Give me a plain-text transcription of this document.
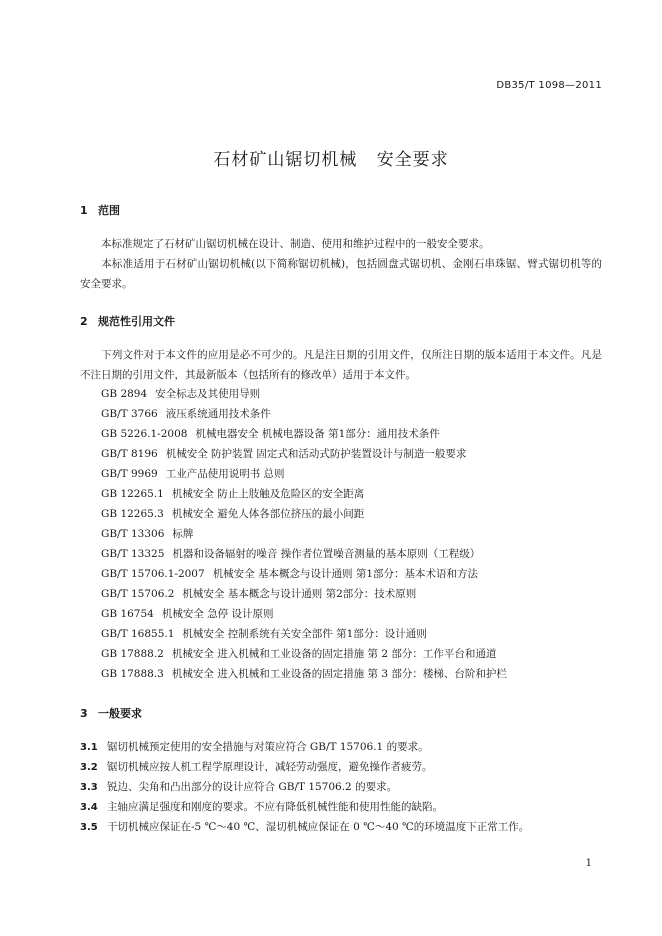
DB35/T 1098—2011
石材矿山锯切机械   安全要求
1 范围
本标准规定了石材矿山锯切机械在设计、制造、使用和维护过程中的一般安全要求。
本标准适用于石材矿山锯切机械(以下简称锯切机械)，包括圆盘式锯切机、金刚石串珠锯、臂式锯切机等的安全要求。
2 规范性引用文件
下列文件对于本文件的应用是必不可少的。凡是注日期的引用文件，仅所注日期的版本适用于本文件。凡是不注日期的引用文件，其最新版本（包括所有的修改单）适用于本文件。
GB 2894 安全标志及其使用导则
GB/T 3766 液压系统通用技术条件
GB 5226.1-2008 机械电器安全 机械电器设备 第1部分：通用技术条件
GB/T 8196 机械安全 防护装置 固定式和活动式防护装置设计与制造一般要求
GB/T 9969 工业产品使用说明书 总则
GB 12265.1 机械安全 防止上肢触及危险区的安全距离
GB 12265.3 机械安全 避免人体各部位挤压的最小间距
GB/T 13306 标牌
GB/T 13325 机器和设备辐射的噪音 操作者位置噪音测量的基本原则（工程级）
GB/T 15706.1-2007 机械安全 基本概念与设计通则 第1部分：基本术语和方法
GB/T 15706.2 机械安全 基本概念与设计通则 第2部分：技术原则
GB 16754 机械安全 急停 设计原则
GB/T 16855.1 机械安全 控制系统有关安全部件 第1部分：设计通则
GB 17888.2 机械安全 进入机械和工业设备的固定措施 第 2 部分：工作平台和通道
GB 17888.3 机械安全 进入机械和工业设备的固定措施 第 3 部分：楼梯、台阶和护栏
3 一般要求
3.1 锯切机械预定使用的安全措施与对策应符合 GB/T 15706.1 的要求。
3.2 锯切机械应按人机工程学原理设计，减轻劳动强度，避免操作者疲劳。
3.3 锐边、尖角和凸出部分的设计应符合 GB/T 15706.2 的要求。
3.4 主轴应满足强度和刚度的要求。不应有降低机械性能和使用性能的缺陷。
3.5 干切机械应保证在-5 ℃～40 ℃、湿切机械应保证在 0 ℃～40 ℃的环境温度下正常工作。
1
